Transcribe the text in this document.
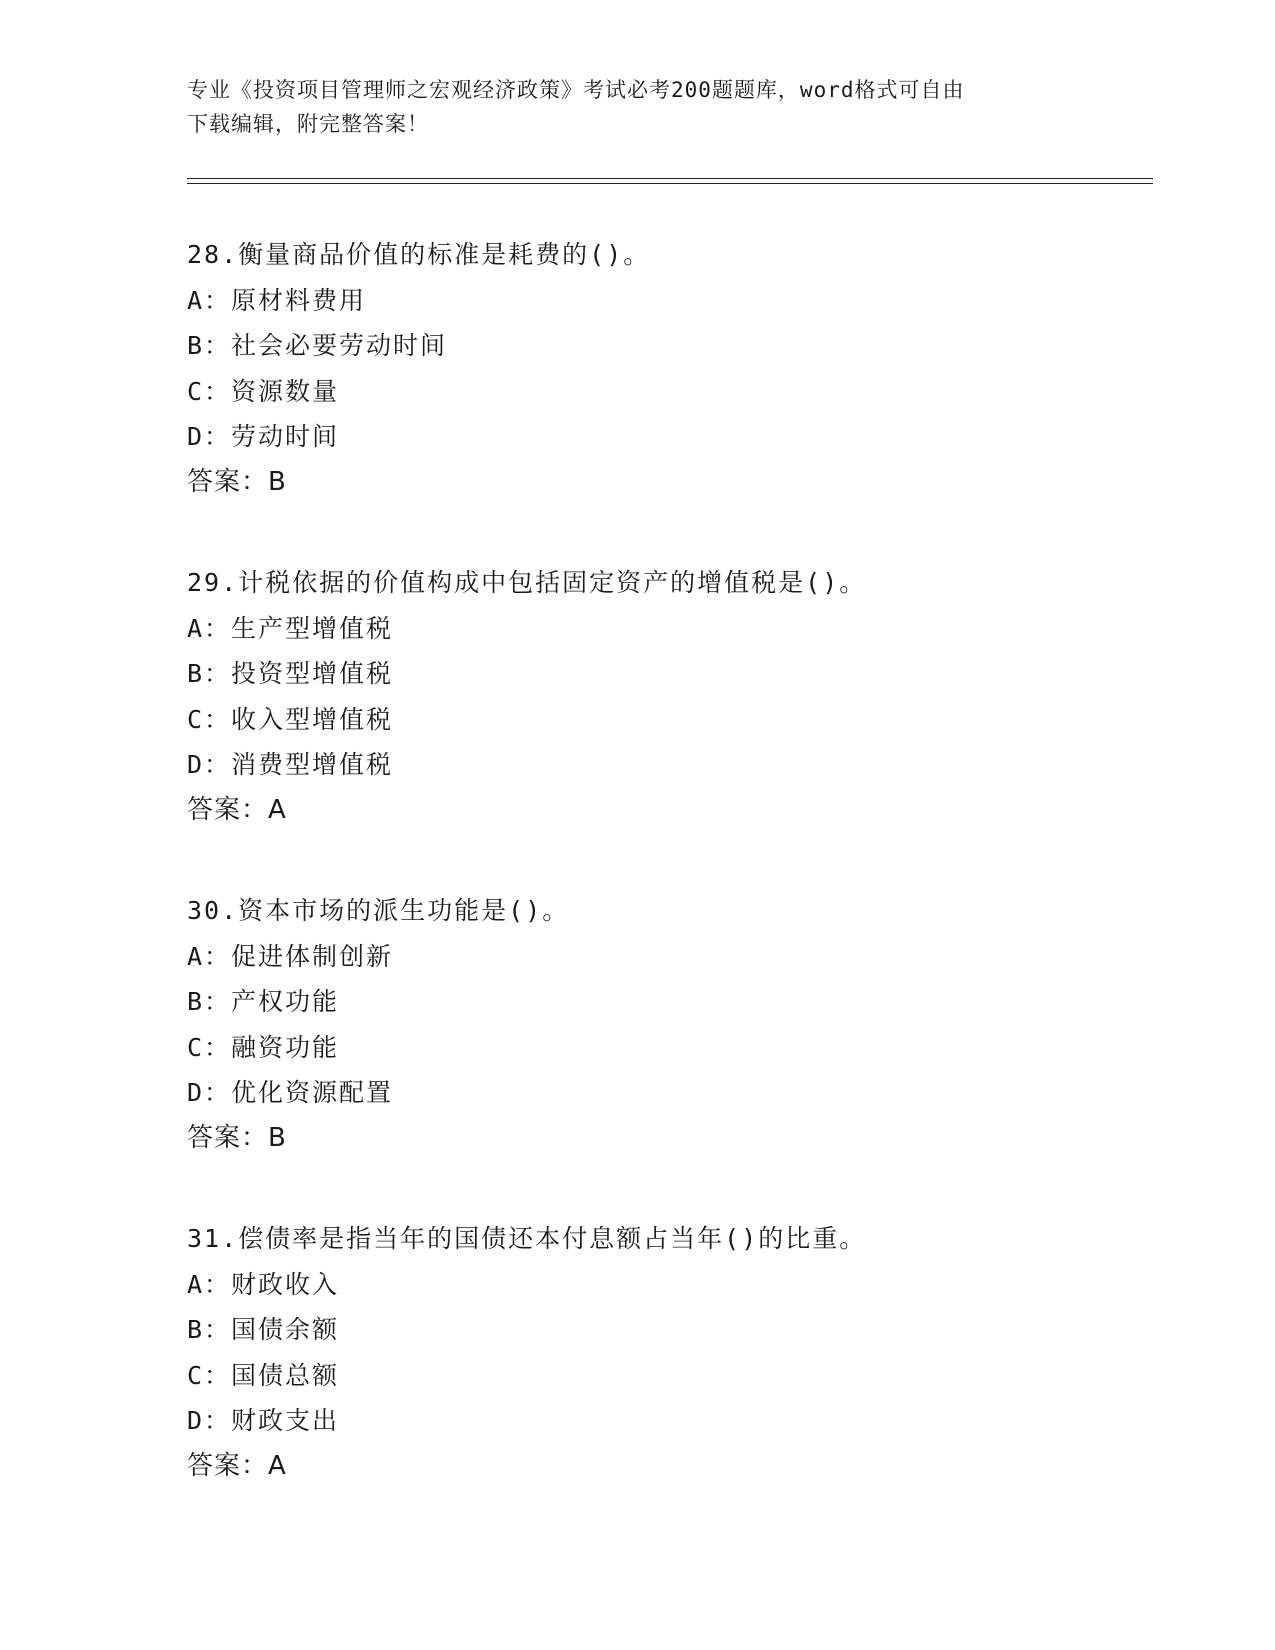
专业《投资项目管理师之宏观经济政策》考试必考200题题库，word格式可自由
下载编辑，附完整答案！
28.衡量商品价值的标准是耗费的()。
A：原材料费用
B：社会必要劳动时间
C：资源数量
D：劳动时间
答案：B
29.计税依据的价值构成中包括固定资产的增值税是()。
A：生产型增值税
B：投资型增值税
C：收入型增值税
D：消费型增值税
答案：A
30.资本市场的派生功能是()。
A：促进体制创新
B：产权功能
C：融资功能
D：优化资源配置
答案：B
31.偿债率是指当年的国债还本付息额占当年()的比重。
A：财政收入
B：国债余额
C：国债总额
D：财政支出
答案：A
